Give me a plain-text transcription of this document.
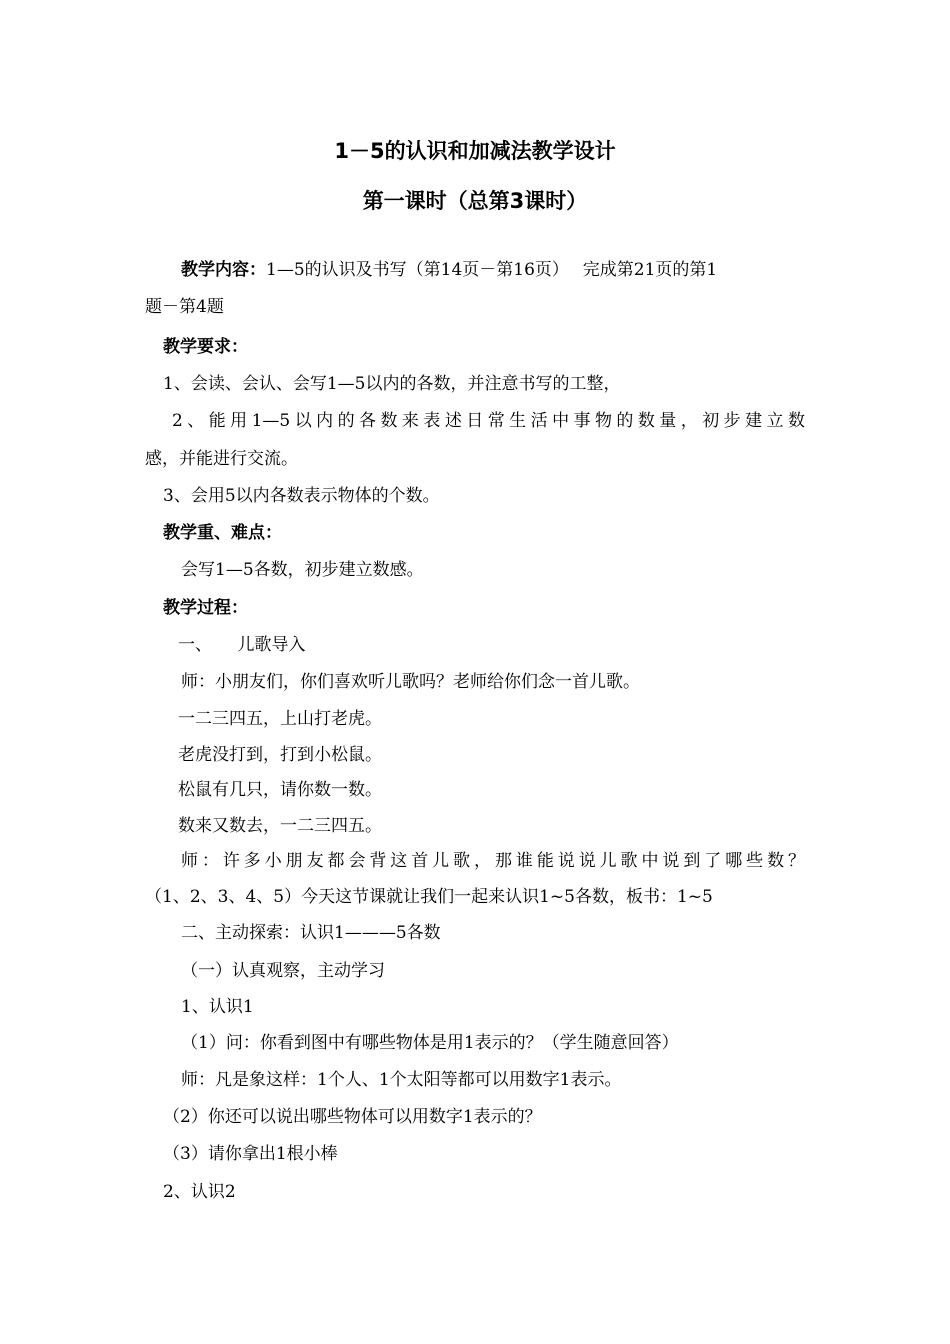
1－5的认识和加减法教学设计
第一课时（总第3课时）
教学内容：1—5的认识及书写（第14页－第16页）　 完成第21页的第1
题－第4题
教学要求：
1、会读、会认、会写1—5以内的各数，并注意书写的工整，
2、能用1—5以内的各数来表述日常生活中事物的数量，初步建立数
感，并能进行交流。
3、会用5以内各数表示物体的个数。
教学重、难点：
会写1—5各数，初步建立数感。
教学过程：
一、　　儿歌导入
师：小朋友们，你们喜欢听儿歌吗？老师给你们念一首儿歌。
一二三四五，上山打老虎。
老虎没打到，打到小松鼠。
松鼠有几只，请你数一数。
数来又数去，一二三四五。
师：许多小朋友都会背这首儿歌，那谁能说说儿歌中说到了哪些数？
（1、2、3、4、5）今天这节课就让我们一起来认识1~5各数，板书：1~5
二、主动探索：认识1———5各数
（一）认真观察，主动学习
1、认识1
（1）问：你看到图中有哪些物体是用1表示的？（学生随意回答）
师：凡是象这样：1个人、1个太阳等都可以用数字1表示。
（2）你还可以说出哪些物体可以用数字1表示的？
（3）请你拿出1根小棒
2、认识2
